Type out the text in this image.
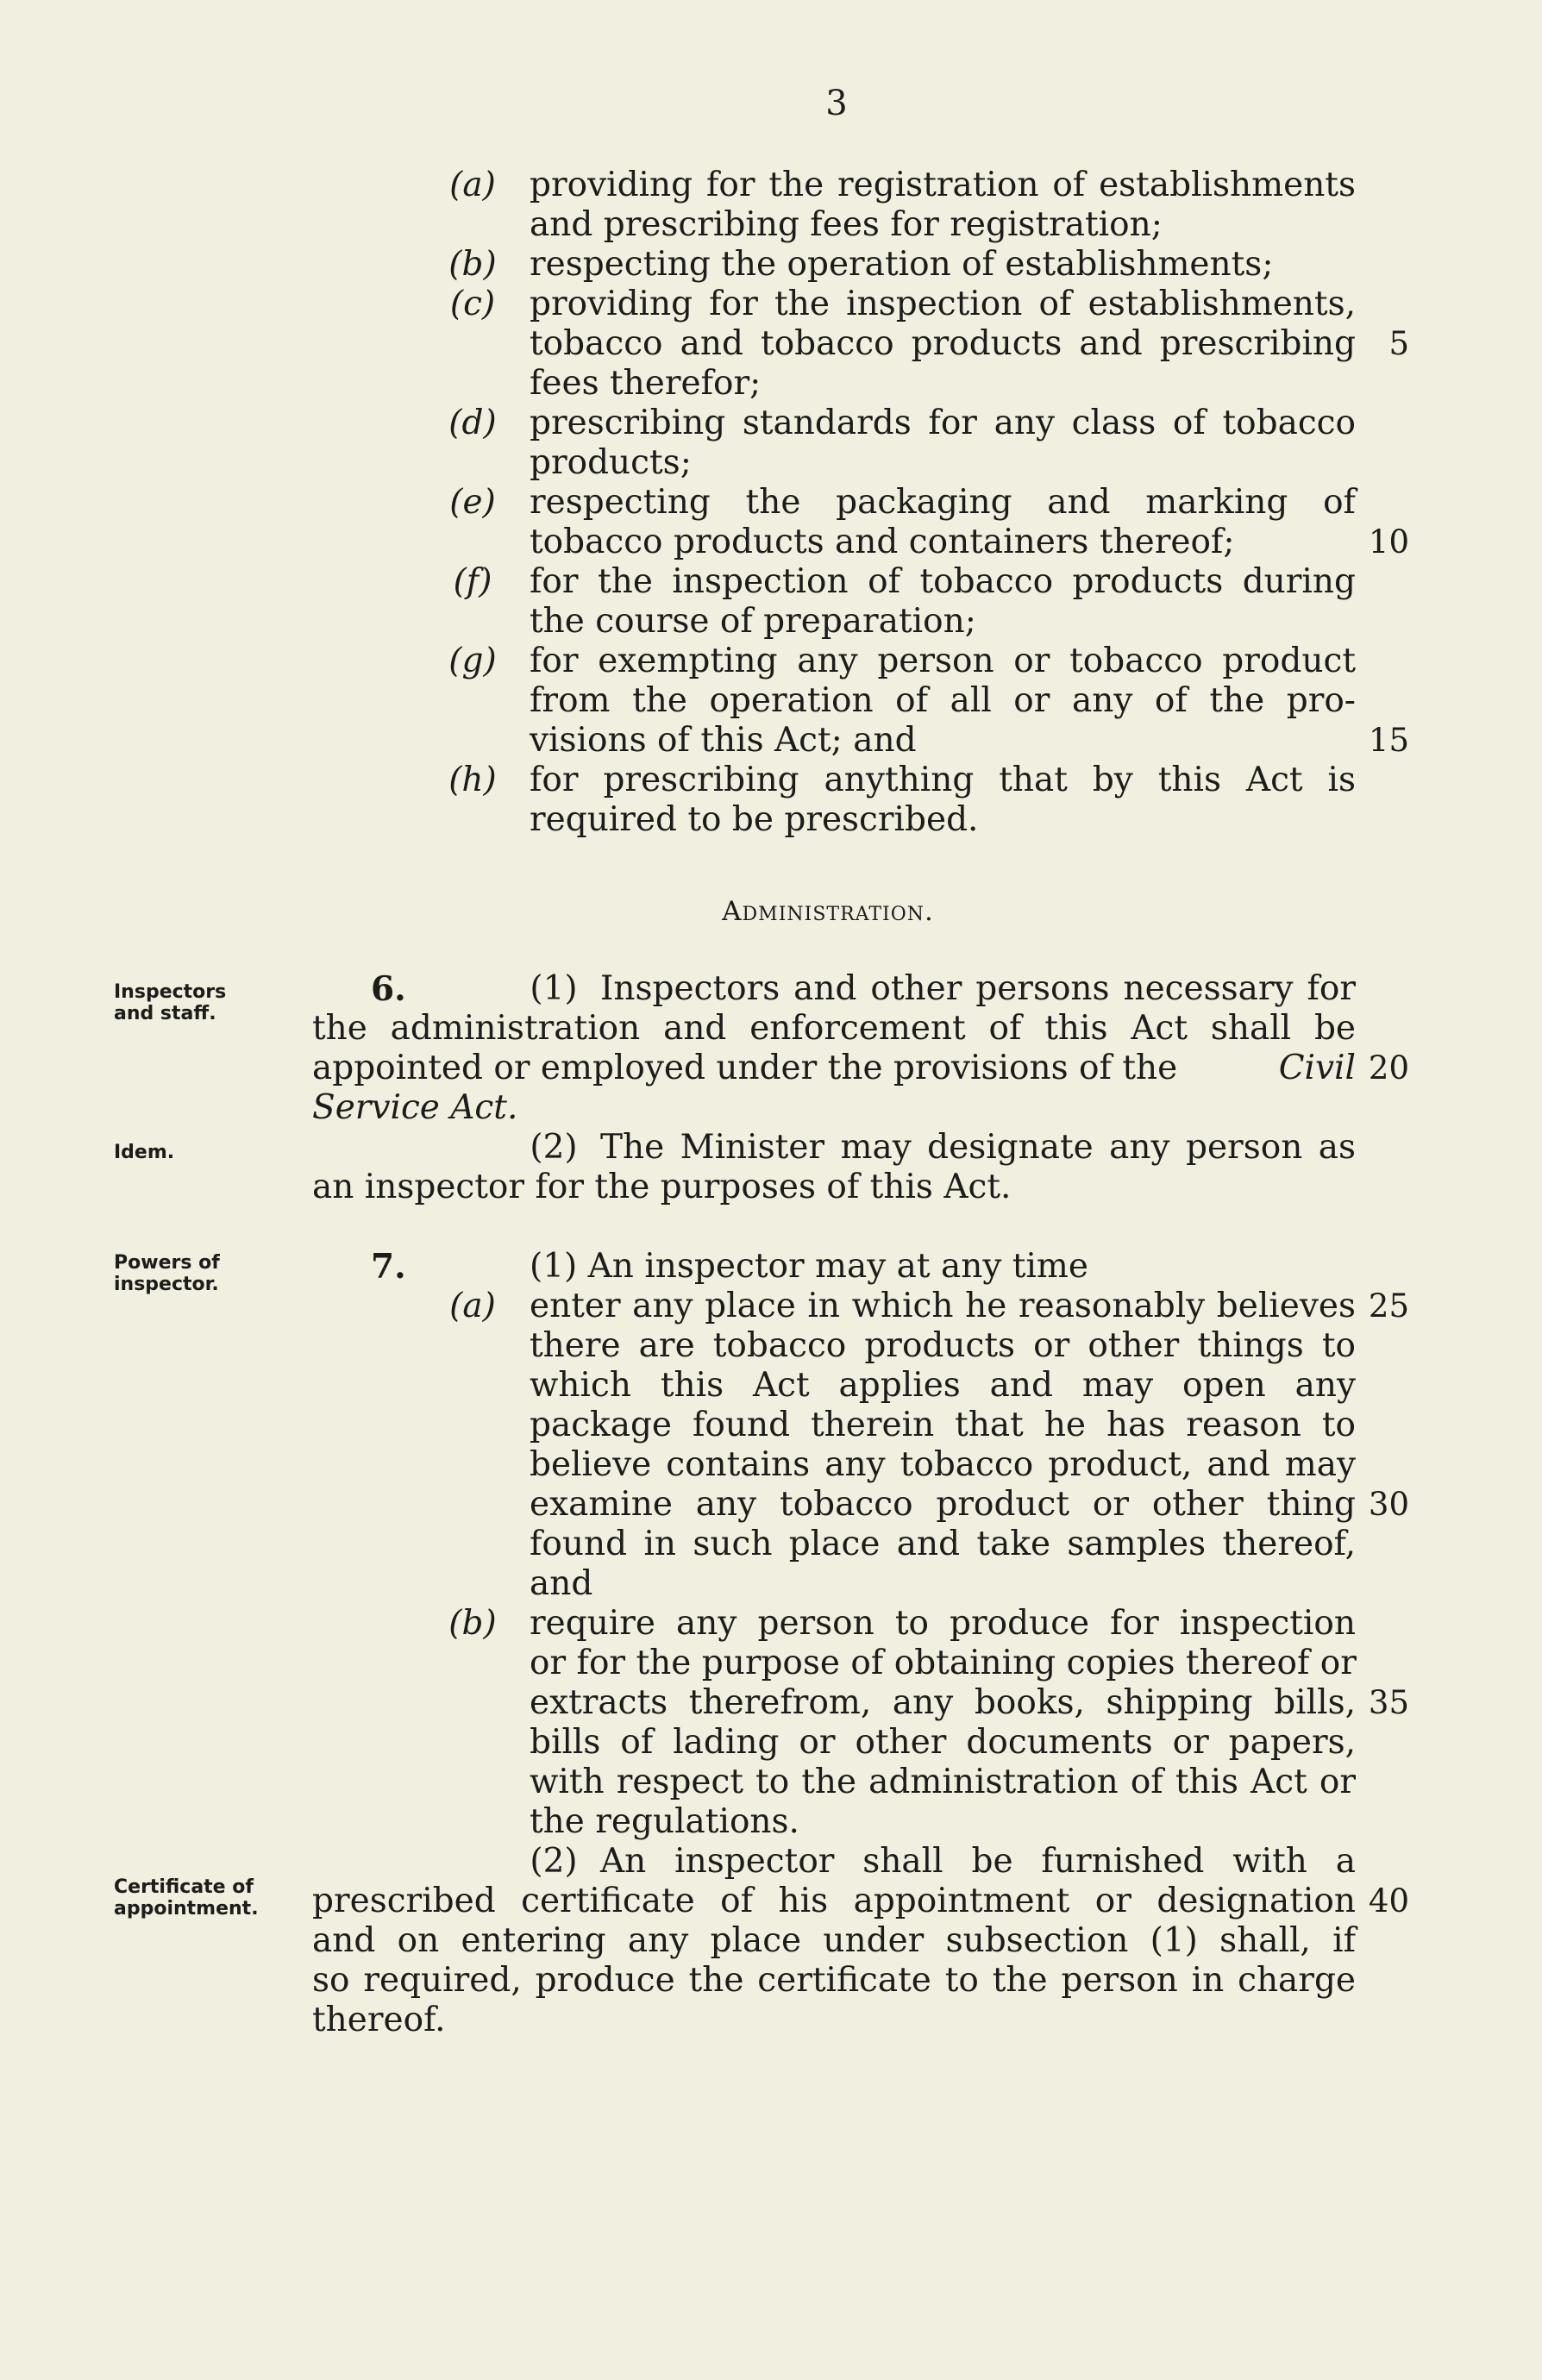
3
(a) providing for the registration of establishments
and prescribing fees for registration;
(b) respecting the operation of establishments;
(c) providing for the inspection of establishments,
tobacco and tobacco products and prescribing
fees therefor;
(d) prescribing standards for any class of tobacco
products;
(e) respecting the packaging and marking of
tobacco products and containers thereof;
(f) for the inspection of tobacco products during
the course of preparation;
(g) for exempting any person or tobacco product
from the operation of all or any of the pro-
visions of this Act; and
(h) for prescribing anything that by this Act is
required to be prescribed.
Administration.
6.	(1) Inspectors and other persons necessary for
the administration and enforcement of this Act shall be
appointed or employed under the provisions of the	Civil
Service Act.
(2) The Minister may designate any person as
an inspector for the purposes of this Act.
7.	(1) An inspector may at any time
(a) enter any place in which he reasonably believes
there are tobacco products or other things to
which this Act applies and may open any
package found therein that he has reason to
believe contains any tobacco product, and may
examine any tobacco product or other thing
found in such place and take samples thereof,
and
(b) require any person to produce for inspection
or for the purpose of obtaining copies thereof or
extracts therefrom, any books, shipping bills,
bills of lading or other documents or papers,
with respect to the administration of this Act or
the regulations.
(2) An inspector shall be furnished with a
prescribed certificate of his appointment or designation
and on entering any place under subsection (1) shall, if
so required, produce the certificate to the person in charge
thereof.
Inspectors
and staff.
Idem.
Powers of
inspector.
Certificate of
appointment.
5
10
15
20
25
30
35
40
